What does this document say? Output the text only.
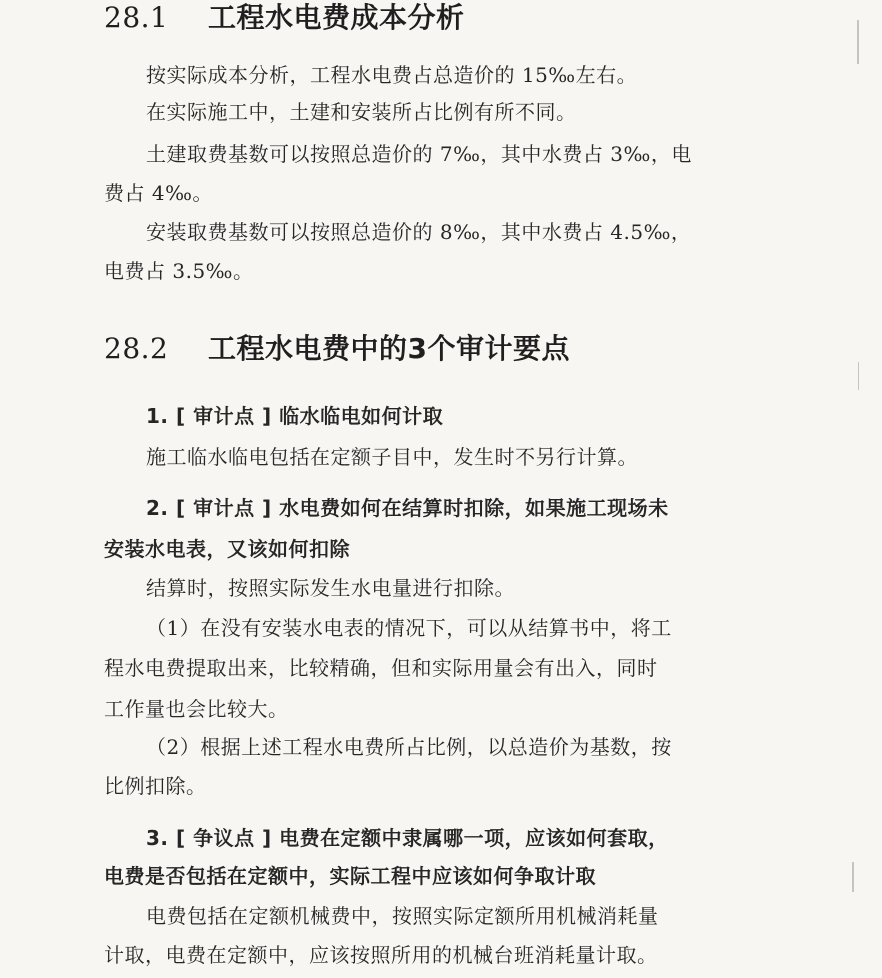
28.1 工程水电费成本分析
按实际成本分析，工程水电费占总造价的 15‰左右。
在实际施工中，土建和安装所占比例有所不同。
土建取费基数可以按照总造价的 7‰，其中水费占 3‰，电
费占 4‰。
安装取费基数可以按照总造价的 8‰，其中水费占 4.5‰，
电费占 3.5‰。
28.2 工程水电费中的3个审计要点
1. [ 审计点 ] 临水临电如何计取
施工临水临电包括在定额子目中，发生时不另行计算。
2. [ 审计点 ] 水电费如何在结算时扣除，如果施工现场未
安装水电表，又该如何扣除
结算时，按照实际发生水电量进行扣除。
（1）在没有安装水电表的情况下，可以从结算书中，将工
程水电费提取出来，比较精确，但和实际用量会有出入，同时
工作量也会比较大。
（2）根据上述工程水电费所占比例，以总造价为基数，按
比例扣除。
3. [ 争议点 ] 电费在定额中隶属哪一项，应该如何套取，
电费是否包括在定额中，实际工程中应该如何争取计取
电费包括在定额机械费中，按照实际定额所用机械消耗量
计取，电费在定额中，应该按照所用的机械台班消耗量计取。
